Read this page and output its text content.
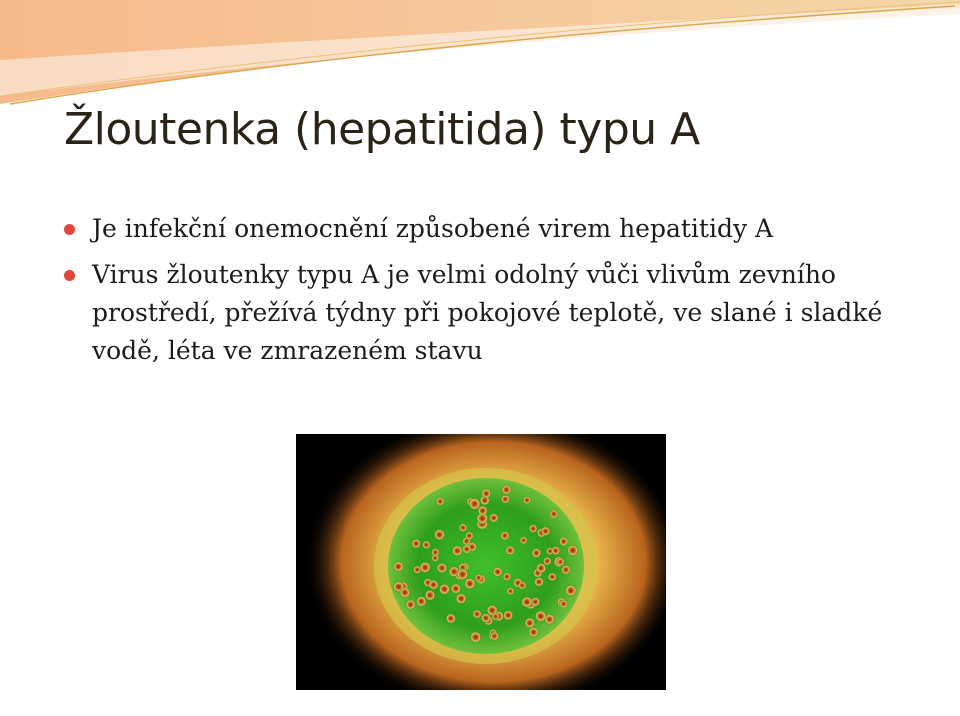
Žloutenka (hepatitida) typu A
Je infekční onemocnění způsobené virem hepatitidy A
Virus žloutenky typu A je velmi odolný vůči vlivům zevního prostředí, přežívá týdny při pokojové teplotě, ve slané i sladké vodě, léta ve zmrazeném stavu
